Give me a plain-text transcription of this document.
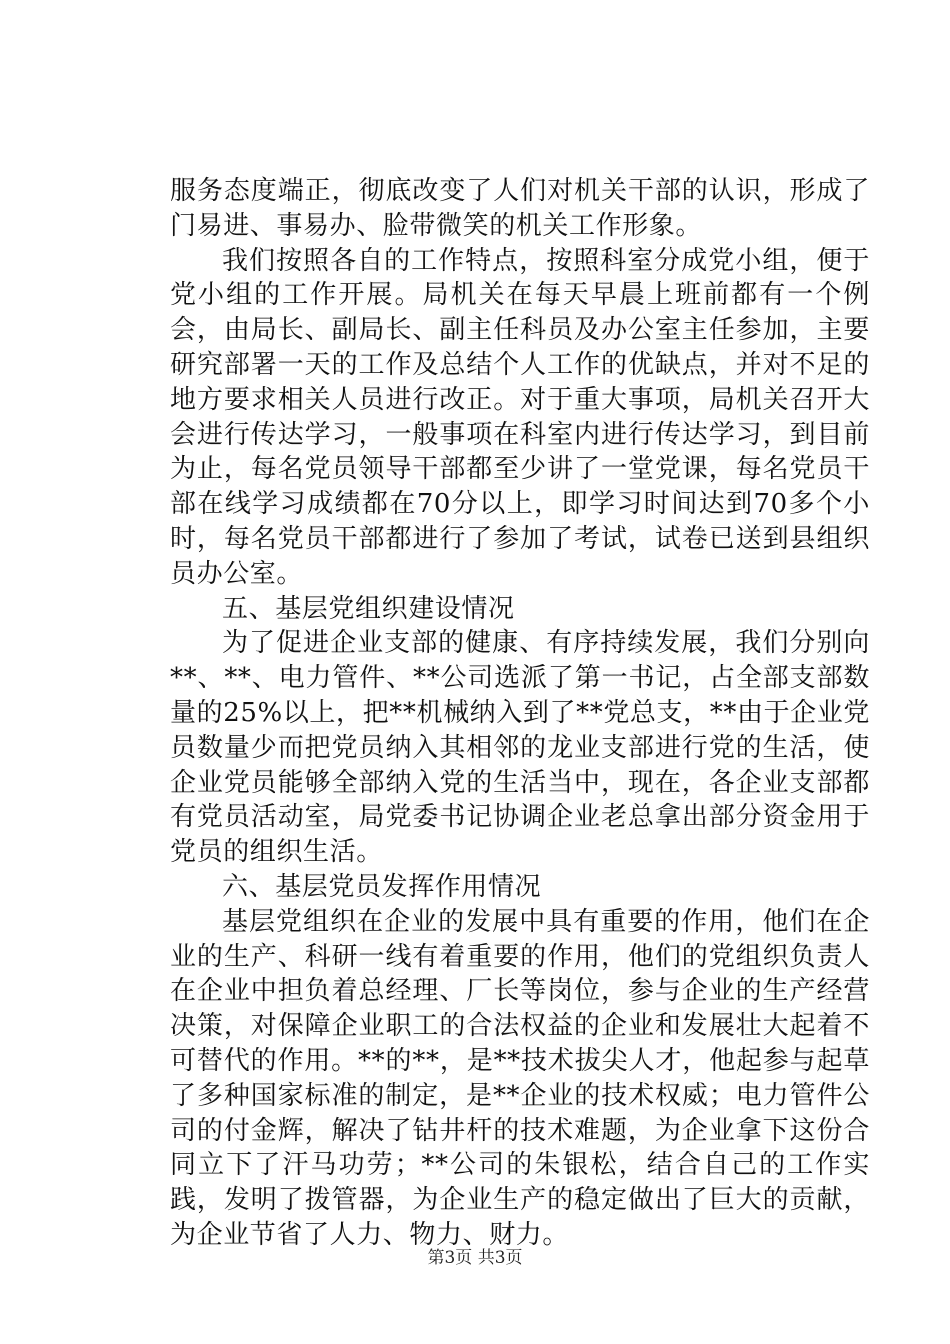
服务态度端正，彻底改变了人们对机关干部的认识，形成了门易进、事易办、脸带微笑的机关工作形象。

我们按照各自的工作特点，按照科室分成党小组，便于党小组的工作开展。局机关在每天早晨上班前都有一个例会，由局长、副局长、副主任科员及办公室主任参加，主要研究部署一天的工作及总结个人工作的优缺点，并对不足的地方要求相关人员进行改正。对于重大事项，局机关召开大会进行传达学习，一般事项在科室内进行传达学习，到目前为止，每名党员领导干部都至少讲了一堂党课，每名党员干部在线学习成绩都在70分以上，即学习时间达到70多个小时，每名党员干部都进行了参加了考试，试卷已送到县组织员办公室。

五、基层党组织建设情况

为了促进企业支部的健康、有序持续发展，我们分别向**、**、电力管件、**公司选派了第一书记，占全部支部数量的25%以上，把**机械纳入到了**党总支，**由于企业党员数量少而把党员纳入其相邻的龙业支部进行党的生活，使企业党员能够全部纳入党的生活当中，现在，各企业支部都有党员活动室，局党委书记协调企业老总拿出部分资金用于党员的组织生活。

六、基层党员发挥作用情况

基层党组织在企业的发展中具有重要的作用，他们在企业的生产、科研一线有着重要的作用，他们的党组织负责人在企业中担负着总经理、厂长等岗位，参与企业的生产经营决策，对保障企业职工的合法权益的企业和发展壮大起着不可替代的作用。**的**，是**技术拔尖人才，他起参与起草了多种国家标准的制定，是**企业的技术权威；电力管件公司的付金辉，解决了钻井杆的技术难题，为企业拿下这份合同立下了汗马功劳；**公司的朱银松，结合自己的工作实践，发明了拨管器，为企业生产的稳定做出了巨大的贡献，为企业节省了人力、物力、财力。

第3页 共3页
